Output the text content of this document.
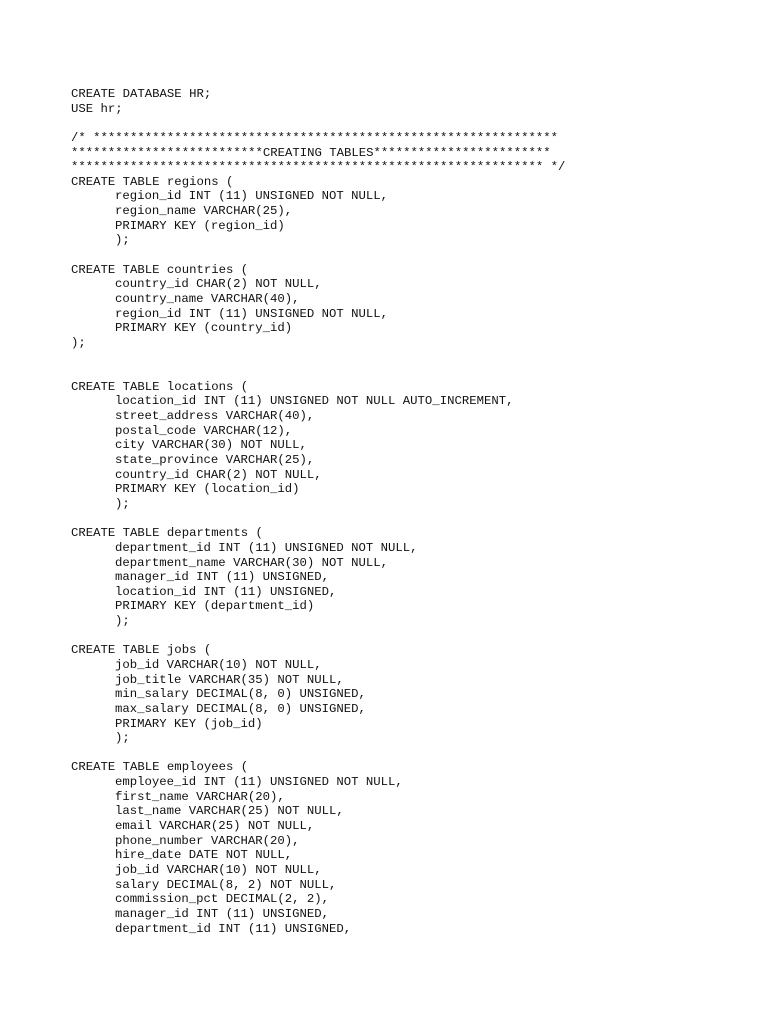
CREATE DATABASE HR;
USE hr;
/* ***************************************************************
**************************CREATING TABLES************************
**************************************************************** */
CREATE TABLE regions (
region_id INT (11) UNSIGNED NOT NULL,
region_name VARCHAR(25),
PRIMARY KEY (region_id)
);
CREATE TABLE countries (
country_id CHAR(2) NOT NULL,
country_name VARCHAR(40),
region_id INT (11) UNSIGNED NOT NULL,
PRIMARY KEY (country_id)
);
CREATE TABLE locations (
location_id INT (11) UNSIGNED NOT NULL AUTO_INCREMENT,
street_address VARCHAR(40),
postal_code VARCHAR(12),
city VARCHAR(30) NOT NULL,
state_province VARCHAR(25),
country_id CHAR(2) NOT NULL,
PRIMARY KEY (location_id)
);
CREATE TABLE departments (
department_id INT (11) UNSIGNED NOT NULL,
department_name VARCHAR(30) NOT NULL,
manager_id INT (11) UNSIGNED,
location_id INT (11) UNSIGNED,
PRIMARY KEY (department_id)
);
CREATE TABLE jobs (
job_id VARCHAR(10) NOT NULL,
job_title VARCHAR(35) NOT NULL,
min_salary DECIMAL(8, 0) UNSIGNED,
max_salary DECIMAL(8, 0) UNSIGNED,
PRIMARY KEY (job_id)
);
CREATE TABLE employees (
employee_id INT (11) UNSIGNED NOT NULL,
first_name VARCHAR(20),
last_name VARCHAR(25) NOT NULL,
email VARCHAR(25) NOT NULL,
phone_number VARCHAR(20),
hire_date DATE NOT NULL,
job_id VARCHAR(10) NOT NULL,
salary DECIMAL(8, 2) NOT NULL,
commission_pct DECIMAL(2, 2),
manager_id INT (11) UNSIGNED,
department_id INT (11) UNSIGNED,
